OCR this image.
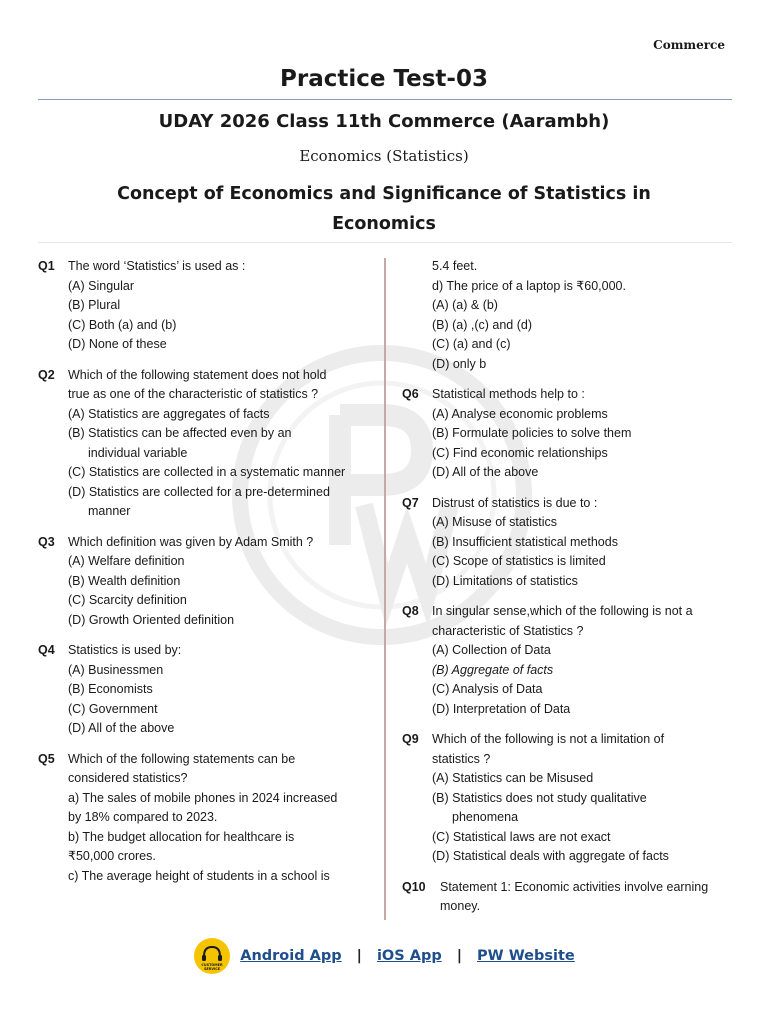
Commerce
Practice Test-03
UDAY 2026 Class 11th Commerce (Aarambh)
Economics (Statistics)
Concept of Economics and Significance of Statistics in
Economics
Q1 The word ‘Statistics’ is used as :
(A) Singular
(B) Plural
(C) Both (a) and (b)
(D) None of these
Q2 Which of the following statement does not hold
true as one of the characteristic of statistics ?
(A) Statistics are aggregates of facts
(B) Statistics can be affected even by an
individual variable
(C) Statistics are collected in a systematic manner
(D) Statistics are collected for a pre-determined
manner
Q3 Which definition was given by Adam Smith ?
(A) Welfare definition
(B) Wealth definition
(C) Scarcity definition
(D) Growth Oriented definition
Q4 Statistics is used by:
(A) Businessmen
(B) Economists
(C) Government
(D) All of the above
Q5 Which of the following statements can be
considered statistics?
a) The sales of mobile phones in 2024 increased
by 18% compared to 2023.
b) The budget allocation for healthcare is
₹50,000 crores.
c) The average height of students in a school is
5.4 feet.
d) The price of a laptop is ₹60,000.
(A) (a) & (b)
(B) (a) ,(c) and (d)
(C) (a) and (c)
(D) only b
Q6 Statistical methods help to :
(A) Analyse economic problems
(B) Formulate policies to solve them
(C) Find economic relationships
(D) All of the above
Q7 Distrust of statistics is due to :
(A) Misuse of statistics
(B) Insufficient statistical methods
(C) Scope of statistics is limited
(D) Limitations of statistics
Q8 In singular sense,which of the following is not a
characteristic of Statistics ?
(A) Collection of Data
(B) Aggregate of facts
(C) Analysis of Data
(D) Interpretation of Data
Q9 Which of the following is not a limitation of
statistics ?
(A) Statistics can be Misused
(B) Statistics does not study qualitative
phenomena
(C) Statistical laws are not exact
(D) Statistical deals with aggregate of facts
Q10 Statement 1: Economic activities involve earning
money.
CUSTOMER
SERVICE
Android App | iOS App | PW Website
